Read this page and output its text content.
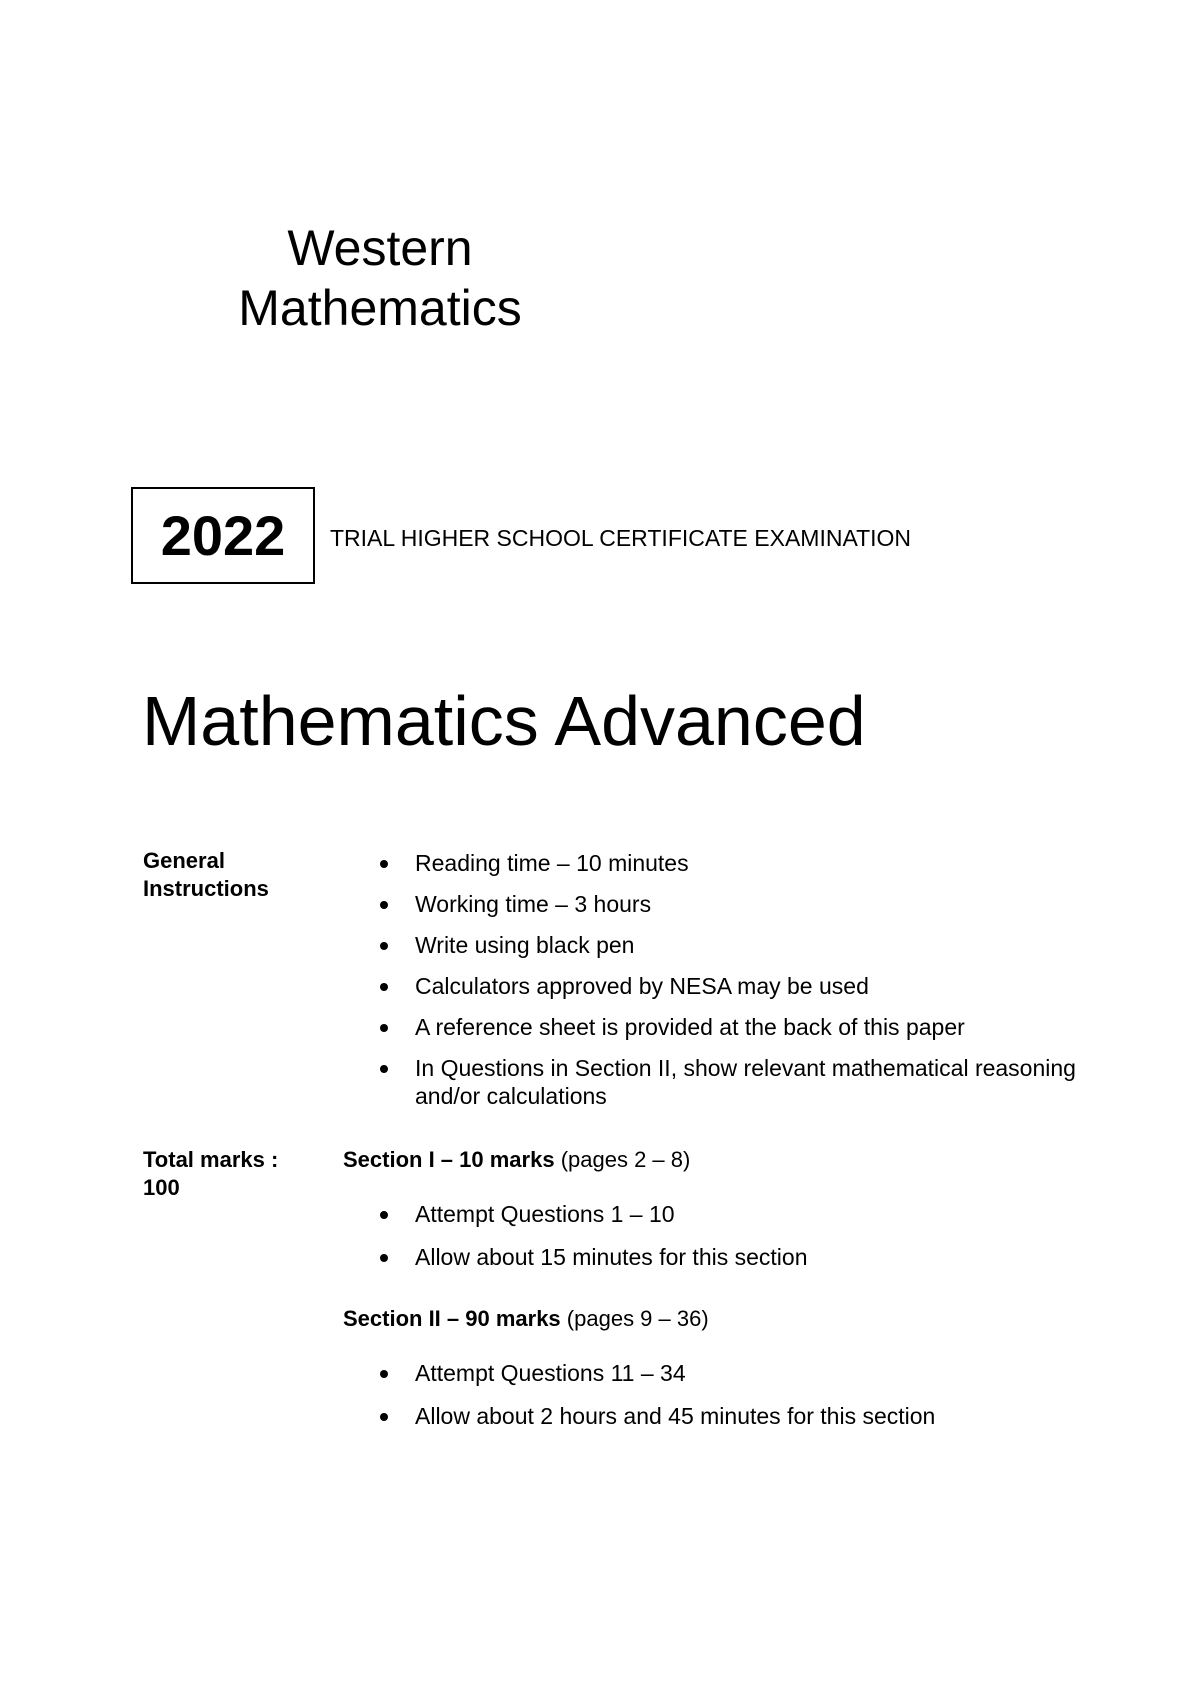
Western
Mathematics
2022 TRIAL HIGHER SCHOOL CERTIFICATE EXAMINATION
Mathematics Advanced
General
Instructions
Reading time – 10 minutes
Working time – 3 hours
Write using black pen
Calculators approved by NESA may be used
A reference sheet is provided at the back of this paper
In Questions in Section II, show relevant mathematical reasoning and/or calculations
Total marks :
100
Section I – 10 marks (pages 2 – 8)
Attempt Questions 1 – 10
Allow about 15 minutes for this section
Section II – 90 marks (pages 9 – 36)
Attempt Questions 11 – 34
Allow about 2 hours and 45 minutes for this section
